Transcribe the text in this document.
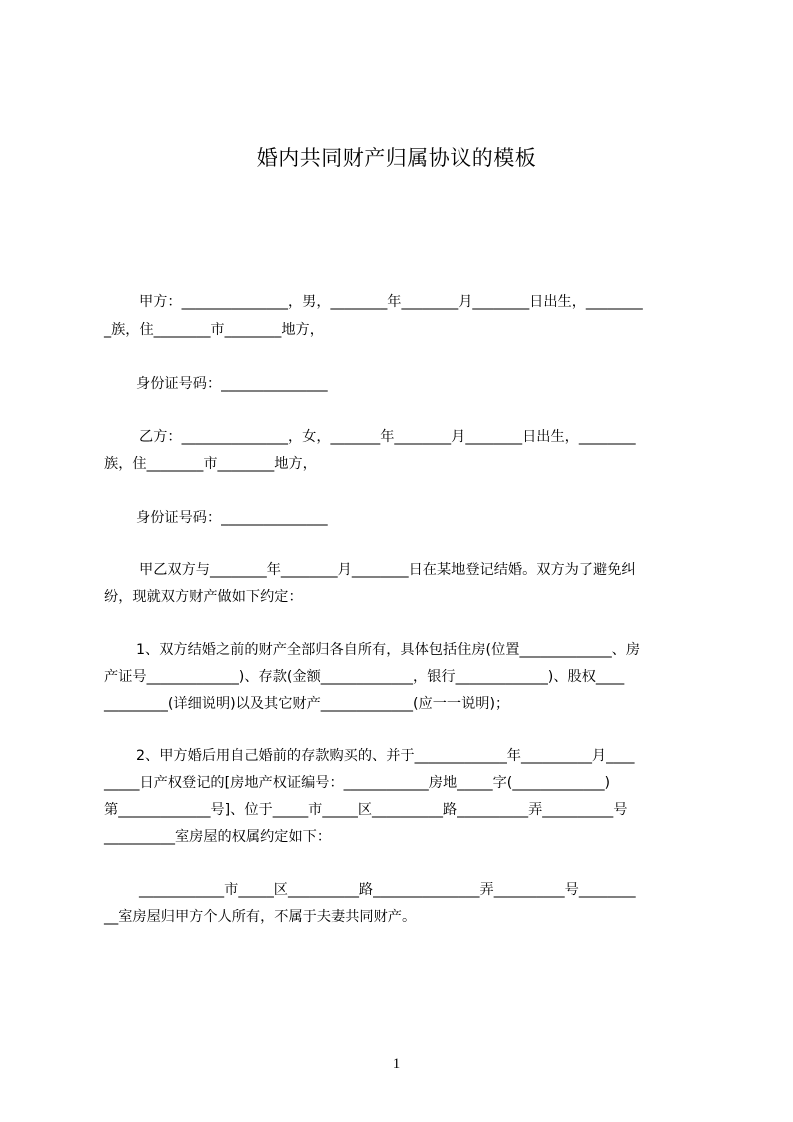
婚内共同财产归属协议的模板
甲方：_______________，男，________年________月________日出生，________
_族，住________市________地方，
身份证号码：_______________
乙方：_______________，女，_______年________月________日出生，________
族，住________市________地方，
身份证号码：_______________
甲乙双方与________年________月________日在某地登记结婚。双方为了避免纠
纷，现就双方财产做如下约定：
1、双方结婚之前的财产全部归各自所有，具体包括住房(位置_____________、房
产证号_____________)、存款(金额_____________，银行_____________)、股权____
_________(详细说明)以及其它财产_____________(应一一说明)；
2、甲方婚后用自己婚前的存款购买的、并于_____________年__________月____
_____日产权登记的[房地产权证编号：____________房地_____字(_____________)
第_____________号]、位于_____市_____区__________路__________弄__________号
__________室房屋的权属约定如下：
____________市_____区__________路_______________弄__________号________
__室房屋归甲方个人所有，不属于夫妻共同财产。
1
